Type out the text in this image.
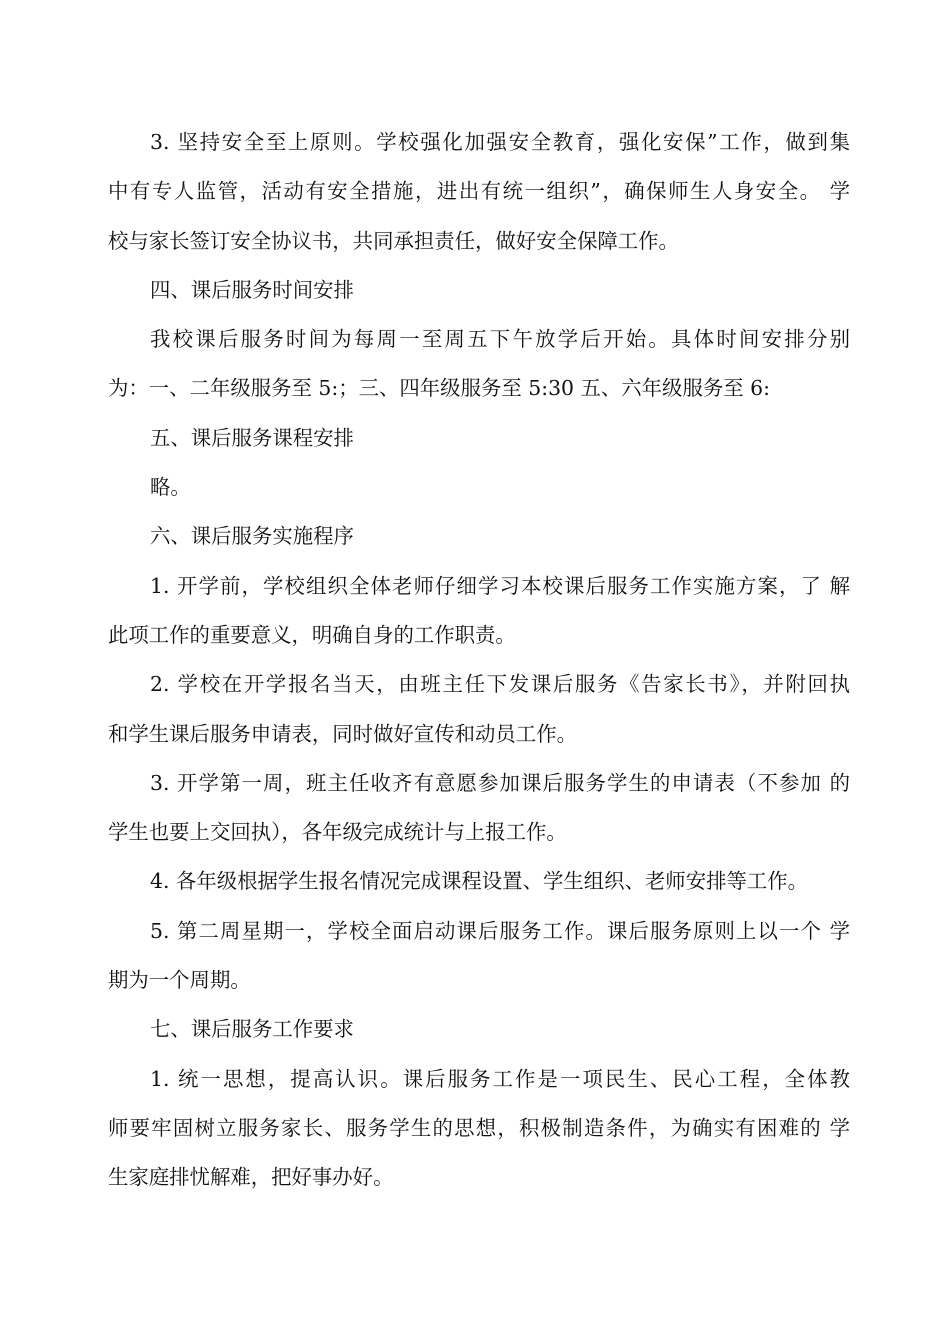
3. 坚持安全至上原则。学校强化加强安全教育，强化安保”工作，做到集
中有专人监管，活动有安全措施，进出有统一组织”，确保师生人身安全。 学
校与家长签订安全协议书，共同承担责任，做好安全保障工作。
四、课后服务时间安排
我校课后服务时间为每周一至周五下午放学后开始。具体时间安排分别
为：一、二年级服务至 5:；三、四年级服务至 5:30 五、六年级服务至 6:
五、课后服务课程安排
略。
六、课后服务实施程序
1. 开学前，学校组织全体老师仔细学习本校课后服务工作实施方案，了 解
此项工作的重要意义，明确自身的工作职责。
2. 学校在开学报名当天，由班主任下发课后服务《告家长书》，并附回执
和学生课后服务申请表，同时做好宣传和动员工作。
3. 开学第一周，班主任收齐有意愿参加课后服务学生的申请表（不参加 的
学生也要上交回执），各年级完成统计与上报工作。
4. 各年级根据学生报名情况完成课程设置、学生组织、老师安排等工作。
5. 第二周星期一，学校全面启动课后服务工作。课后服务原则上以一个 学
期为一个周期。
七、课后服务工作要求
1. 统一思想，提高认识。课后服务工作是一项民生、民心工程，全体教
师要牢固树立服务家长、服务学生的思想，积极制造条件，为确实有困难的 学
生家庭排忧解难，把好事办好。
